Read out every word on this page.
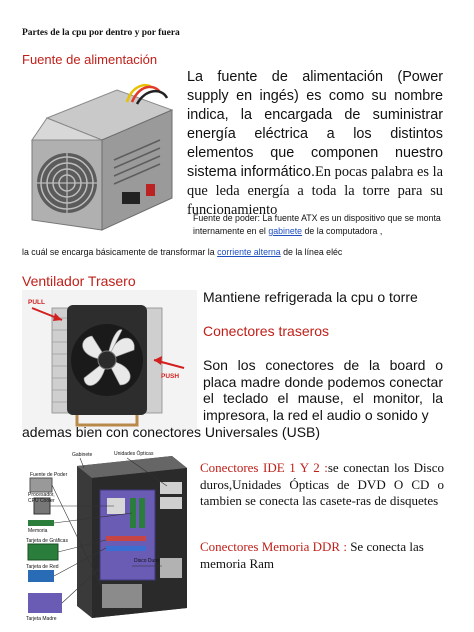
Partes de la cpu por dentro y por fuera
Fuente de alimentación
La fuente de alimentación (Power supply en ingés) es como su nombre indica, la encargada de suministrar energía eléctrica a los distintos elementos que componen nuestro sistema informático.En pocas palabra es la que leda energía a toda la torre para su funcionamiento
Fuente de poder: La fuente ATX es un dispositivo que se monta internamente en el gabinete de la computadora ,
la cuál se encarga básicamente de transformar la corriente alterna de la línea eléc
Ventilador Trasero
PULL
PUSH
Mantiene refrigerada la cpu o torre
Conectores traseros
Son los conectores de la board o placa madre donde podemos conectar el teclado el mause, el monitor, la impresora, la red el audio o sonido y
ademas bien con conectores Universales (USB)
Gabinete	Unidades Ópticas
Fuente de Poder
Procesador,
CPU Cooler
Memoria
Tarjeta de Gráficas
Tarjeta de Red
Disco Duro
Tarjeta Madre
Conectores IDE 1 Y 2 :se conectan los Disco duros,Unidades Ópticas de DVD O CD o tambien se conecta las casete-ras de disquetes
Conectores Memoria DDR : Se conecta las memoria Ram
